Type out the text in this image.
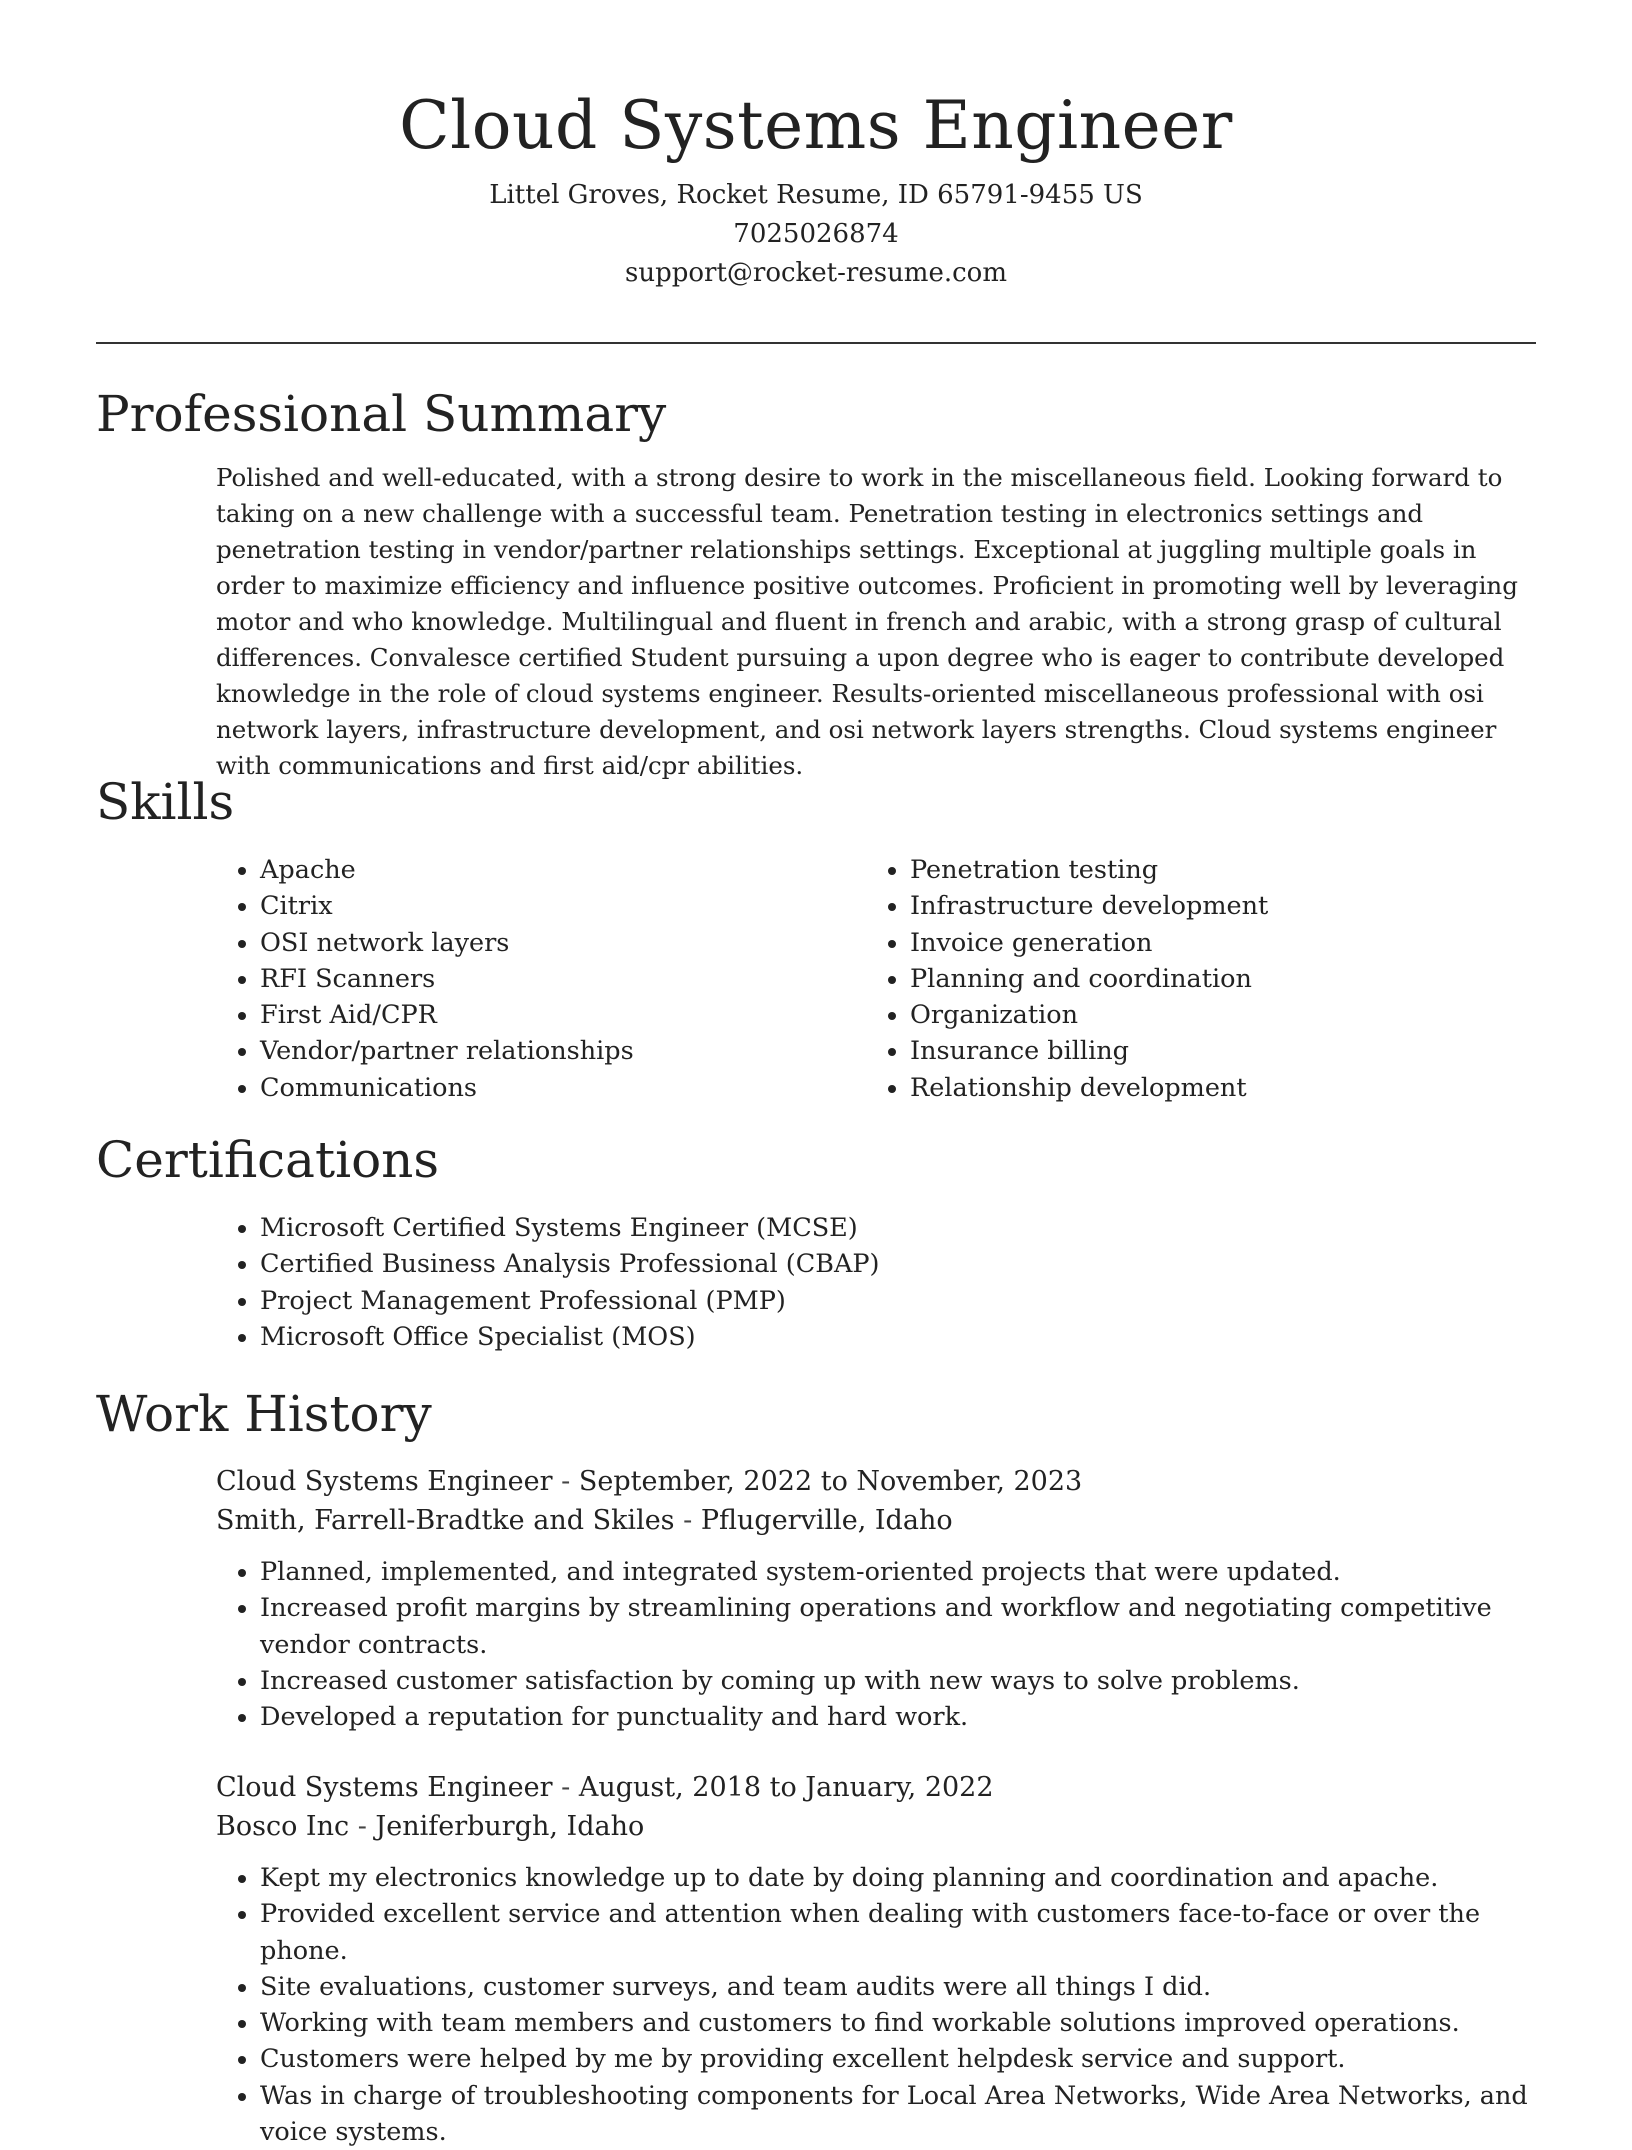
Cloud Systems Engineer
Littel Groves, Rocket Resume, ID 65791-9455 US
7025026874
support@rocket-resume.com
Professional Summary

Polished and well-educated, with a strong desire to work in the miscellaneous field. Looking forward to taking on a new challenge with a successful team. Penetration testing in electronics settings and penetration testing in vendor/partner relationships settings. Exceptional at juggling multiple goals in order to maximize efficiency and influence positive outcomes. Proficient in promoting well by leveraging motor and who knowledge. Multilingual and fluent in french and arabic, with a strong grasp of cultural differences. Convalesce certified Student pursuing a upon degree who is eager to contribute developed knowledge in the role of cloud systems engineer. Results-oriented miscellaneous professional with osi network layers, infrastructure development, and osi network layers strengths. Cloud systems engineer with communications and first aid/cpr abilities.

Skills
• Apache
• Citrix
• OSI network layers
• RFI Scanners
• First Aid/CPR
• Vendor/partner relationships
• Communications
• Penetration testing
• Infrastructure development
• Invoice generation
• Planning and coordination
• Organization
• Insurance billing
• Relationship development
Certifications
• Microsoft Certified Systems Engineer (MCSE)
• Certified Business Analysis Professional (CBAP)
• Project Management Professional (PMP)
• Microsoft Office Specialist (MOS)
Work History
Cloud Systems Engineer - September, 2022 to November, 2023
Smith, Farrell-Bradtke and Skiles - Pflugerville, Idaho
• Planned, implemented, and integrated system-oriented projects that were updated.
• Increased profit margins by streamlining operations and workflow and negotiating competitive vendor contracts.
• Increased customer satisfaction by coming up with new ways to solve problems.
• Developed a reputation for punctuality and hard work.
Cloud Systems Engineer - August, 2018 to January, 2022
Bosco Inc - Jeniferburgh, Idaho
• Kept my electronics knowledge up to date by doing planning and coordination and apache.
• Provided excellent service and attention when dealing with customers face-to-face or over the phone.
• Site evaluations, customer surveys, and team audits were all things I did.
• Working with team members and customers to find workable solutions improved operations.
• Customers were helped by me by providing excellent helpdesk service and support.
• Was in charge of troubleshooting components for Local Area Networks, Wide Area Networks, and voice systems.
